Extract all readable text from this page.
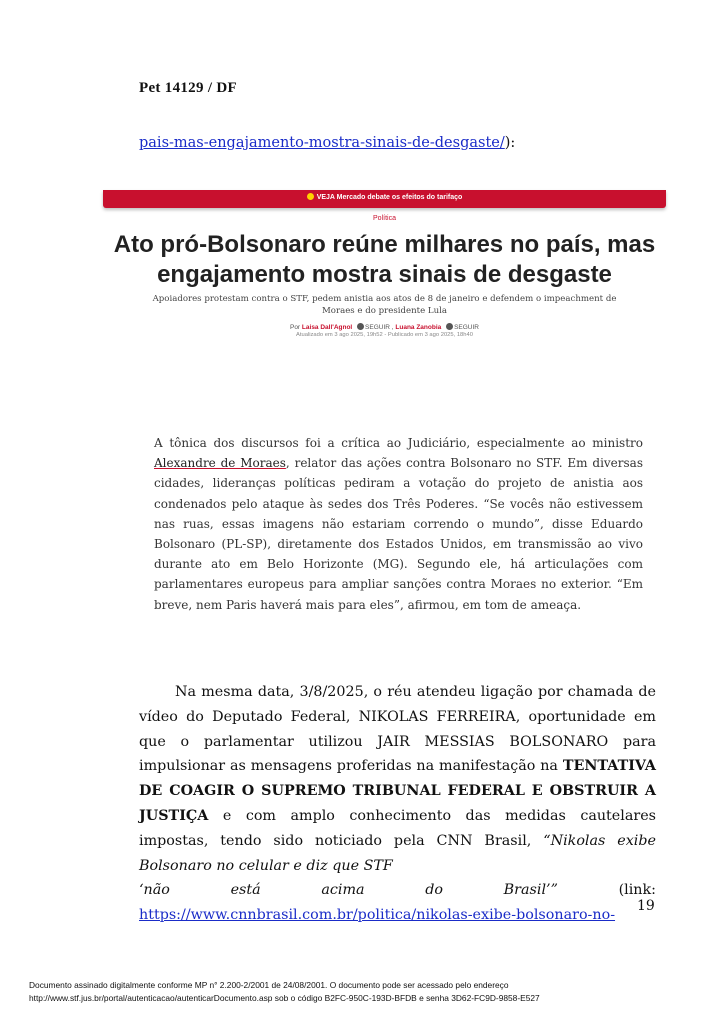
Pet 14129 / DF
pais-mas-engajamento-mostra-sinais-de-desgaste/):
VEJA Mercado debate os efeitos do tarifaço
Política
Ato pró-Bolsonaro reúne milhares no país, mas
engajamento mostra sinais de desgaste
Apoiadores protestam contra o STF, pedem anistia aos atos de 8 de janeiro e defendem o impeachment de
Moraes e do presidente Lula
Por Laisa Dall'Agnol SEGUIR , Luana Zanobia SEGUIR
Atualizado em 3 ago 2025, 19h52 - Publicado em 3 ago 2025, 18h40
A tônica dos discursos foi a crítica ao Judiciário, especialmente ao ministro Alexandre de Moraes, relator das ações contra Bolsonaro no STF. Em diversas cidades, lideranças políticas pediram a votação do projeto de anistia aos condenados pelo ataque às sedes dos Três Poderes. “Se vocês não estivessem nas ruas, essas imagens não estariam correndo o mundo”, disse Eduardo Bolsonaro (PL-SP), diretamente dos Estados Unidos, em transmissão ao vivo durante ato em Belo Horizonte (MG). Segundo ele, há articulações com parlamentares europeus para ampliar sanções contra Moraes no exterior. “Em breve, nem Paris haverá mais para eles”, afirmou, em tom de ameaça.
Na mesma data, 3/8/2025, o réu atendeu ligação por chamada de vídeo do Deputado Federal, NIKOLAS FERREIRA, oportunidade em que o parlamentar utilizou JAIR MESSIAS BOLSONARO para impulsionar as mensagens proferidas na manifestação na TENTATIVA DE COAGIR O SUPREMO TRIBUNAL FEDERAL E OBSTRUIR A JUSTIÇA e com amplo conhecimento das medidas cautelares impostas, tendo sido noticiado pela CNN Brasil, “Nikolas exibe Bolsonaro no celular e diz que STF
‘não	está	acima	do	Brasil’”	(link:
https://www.cnnbrasil.com.br/politica/nikolas-exibe-bolsonaro-no-
19
Documento assinado digitalmente conforme MP n° 2.200-2/2001 de 24/08/2001. O documento pode ser acessado pelo endereço
http://www.stf.jus.br/portal/autenticacao/autenticarDocumento.asp sob o código B2FC-950C-193D-BFDB e senha 3D62-FC9D-9858-E527
